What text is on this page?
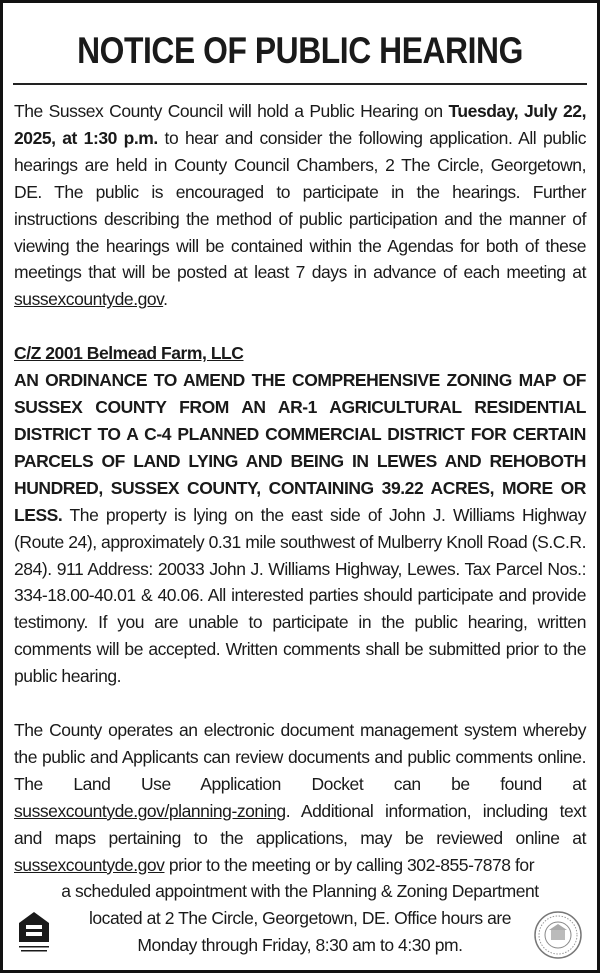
NOTICE OF PUBLIC HEARING

The Sussex County Council will hold a Public Hearing on Tuesday, July 22, 2025, at 1:30 p.m. to hear and consider the following application. All public hearings are held in County Council Chambers, 2 The Circle, Georgetown, DE. The public is encouraged to participate in the hearings. Further instructions describing the method of public participation and the manner of viewing the hearings will be contained within the Agendas for both of these meetings that will be posted at least 7 days in advance of each meeting at sussexcountyde.gov.

C/Z 2001 Belmead Farm, LLC

AN ORDINANCE TO AMEND THE COMPREHENSIVE ZONING MAP OF SUSSEX COUNTY FROM AN AR-1 AGRICULTURAL RESIDENTIAL DISTRICT TO A C-4 PLANNED COMMERCIAL DISTRICT FOR CERTAIN PARCELS OF LAND LYING AND BEING IN LEWES AND REHOBOTH HUNDRED, SUSSEX COUNTY, CONTAINING 39.22 ACRES, MORE OR LESS. The property is lying on the east side of John J. Williams Highway (Route 24), approximately 0.31 mile southwest of Mulberry Knoll Road (S.C.R. 284). 911 Address: 20033 John J. Williams Highway, Lewes. Tax Parcel Nos.: 334-18.00-40.01 & 40.06. All interested parties should participate and provide testimony. If you are unable to participate in the public hearing, written comments will be accepted. Written comments shall be submitted prior to the public hearing.

The County operates an electronic document management system whereby the public and Applicants can review documents and public comments online. The Land Use Application Docket can be found at sussexcountyde.gov/planning-zoning. Additional information, including text and maps pertaining to the applications, may be reviewed online at sussexcountyde.gov prior to the meeting or by calling 302-855-7878 for

a scheduled appointment with the Planning & Zoning Department
located at 2 The Circle, Georgetown, DE. Office hours are
Monday through Friday, 8:30 am to 4:30 pm.
